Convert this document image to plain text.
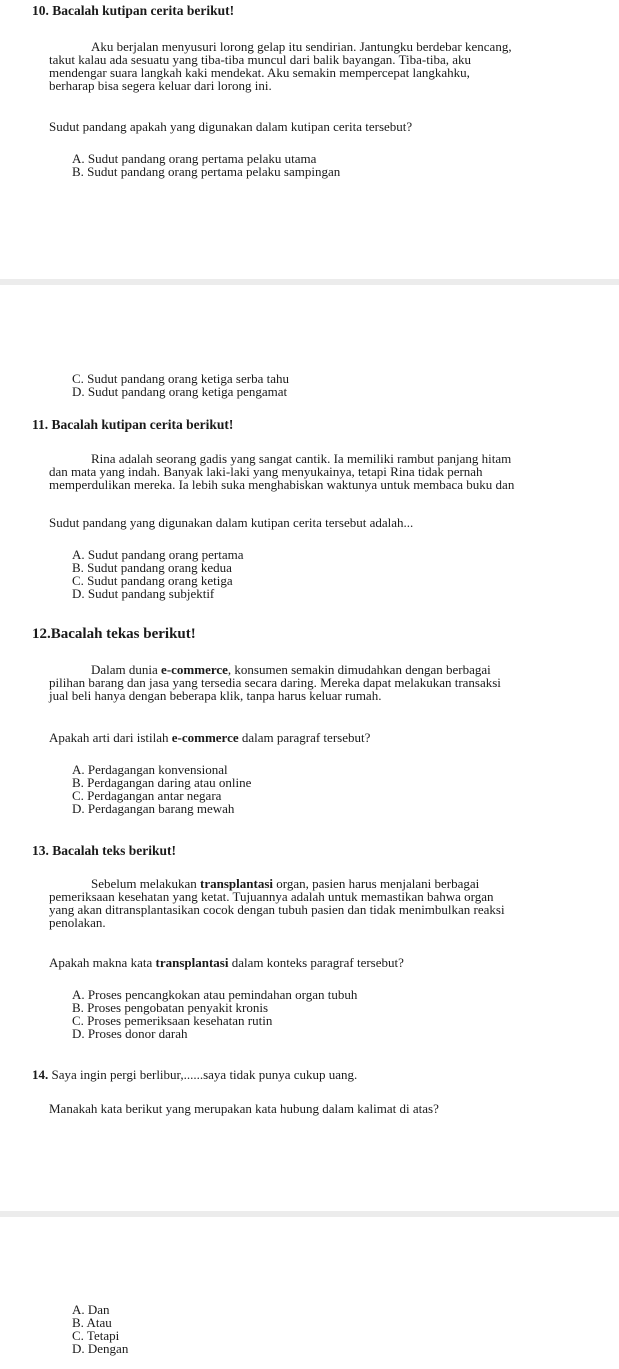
10. Bacalah kutipan cerita berikut!
Aku berjalan menyusuri lorong gelap itu sendirian. Jantungku berdebar kencang,
takut kalau ada sesuatu yang tiba-tiba muncul dari balik bayangan. Tiba-tiba, aku
mendengar suara langkah kaki mendekat. Aku semakin mempercepat langkahku,
berharap bisa segera keluar dari lorong ini.
Sudut pandang apakah yang digunakan dalam kutipan cerita tersebut?
A. Sudut pandang orang pertama pelaku utama
B. Sudut pandang orang pertama pelaku sampingan
C. Sudut pandang orang ketiga serba tahu
D. Sudut pandang orang ketiga pengamat
11. Bacalah kutipan cerita berikut!
Rina adalah seorang gadis yang sangat cantik. Ia memiliki rambut panjang hitam
dan mata yang indah. Banyak laki-laki yang menyukainya, tetapi Rina tidak pernah
memperdulikan mereka. Ia lebih suka menghabiskan waktunya untuk membaca buku dan
Sudut pandang yang digunakan dalam kutipan cerita tersebut adalah...
A. Sudut pandang orang pertama
B. Sudut pandang orang kedua
C. Sudut pandang orang ketiga
D. Sudut pandang subjektif
12.Bacalah tekas berikut!
Dalam dunia e-commerce, konsumen semakin dimudahkan dengan berbagai
pilihan barang dan jasa yang tersedia secara daring. Mereka dapat melakukan transaksi
jual beli hanya dengan beberapa klik, tanpa harus keluar rumah.
Apakah arti dari istilah e-commerce dalam paragraf tersebut?
A. Perdagangan konvensional
B. Perdagangan daring atau online
C. Perdagangan antar negara
D. Perdagangan barang mewah
13. Bacalah teks berikut!
Sebelum melakukan transplantasi organ, pasien harus menjalani berbagai
pemeriksaan kesehatan yang ketat. Tujuannya adalah untuk memastikan bahwa organ
yang akan ditransplantasikan cocok dengan tubuh pasien dan tidak menimbulkan reaksi
penolakan.
Apakah makna kata transplantasi dalam konteks paragraf tersebut?
A. Proses pencangkokan atau pemindahan organ tubuh
B. Proses pengobatan penyakit kronis
C. Proses pemeriksaan kesehatan rutin
D. Proses donor darah
14. Saya ingin pergi berlibur,......saya tidak punya cukup uang.
Manakah kata berikut yang merupakan kata hubung dalam kalimat di atas?
A. Dan
B. Atau
C. Tetapi
D. Dengan
